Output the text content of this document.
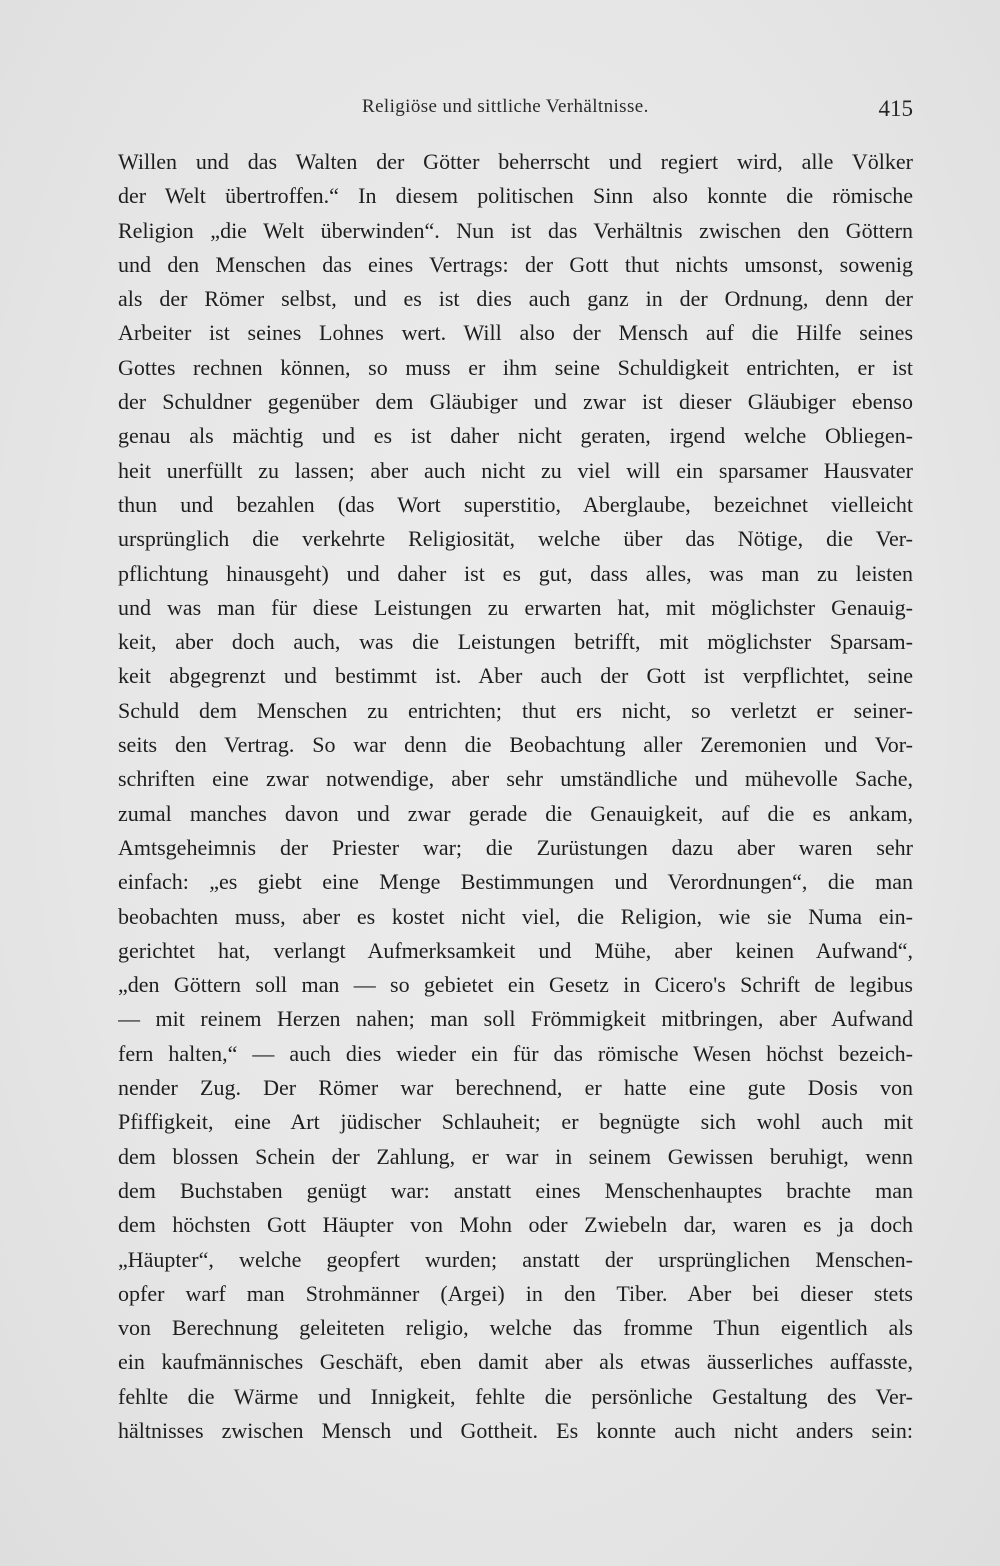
Religiöse und sittliche Verhältnisse.	415
Willen und das Walten der Götter beherrscht und regiert wird, alle Völker
der Welt übertroffen.“ In diesem politischen Sinn also konnte die römische
Religion „die Welt überwinden“. Nun ist das Verhältnis zwischen den Göttern
und den Menschen das eines Vertrags: der Gott thut nichts umsonst, sowenig
als der Römer selbst, und es ist dies auch ganz in der Ordnung, denn der
Arbeiter ist seines Lohnes wert. Will also der Mensch auf die Hilfe seines
Gottes rechnen können, so muss er ihm seine Schuldigkeit entrichten, er ist
der Schuldner gegenüber dem Gläubiger und zwar ist dieser Gläubiger ebenso
genau als mächtig und es ist daher nicht geraten, irgend welche Obliegen-
heit unerfüllt zu lassen; aber auch nicht zu viel will ein sparsamer Hausvater
thun und bezahlen (das Wort superstitio, Aberglaube, bezeichnet vielleicht
ursprünglich die verkehrte Religiosität, welche über das Nötige, die Ver-
pflichtung hinausgeht) und daher ist es gut, dass alles, was man zu leisten
und was man für diese Leistungen zu erwarten hat, mit möglichster Genauig-
keit, aber doch auch, was die Leistungen betrifft, mit möglichster Sparsam-
keit abgegrenzt und bestimmt ist. Aber auch der Gott ist verpflichtet, seine
Schuld dem Menschen zu entrichten; thut ers nicht, so verletzt er seiner-
seits den Vertrag. So war denn die Beobachtung aller Zeremonien und Vor-
schriften eine zwar notwendige, aber sehr umständliche und mühevolle Sache,
zumal manches davon und zwar gerade die Genauigkeit, auf die es ankam,
Amtsgeheimnis der Priester war; die Zurüstungen dazu aber waren sehr
einfach: „es giebt eine Menge Bestimmungen und Verordnungen“, die man
beobachten muss, aber es kostet nicht viel, die Religion, wie sie Numa ein-
gerichtet hat, verlangt Aufmerksamkeit und Mühe, aber keinen Aufwand“,
„den Göttern soll man — so gebietet ein Gesetz in Cicero's Schrift de legibus
— mit reinem Herzen nahen; man soll Frömmigkeit mitbringen, aber Aufwand
fern halten,“ — auch dies wieder ein für das römische Wesen höchst bezeich-
nender Zug. Der Römer war berechnend, er hatte eine gute Dosis von
Pfiffigkeit, eine Art jüdischer Schlauheit; er begnügte sich wohl auch mit
dem blossen Schein der Zahlung, er war in seinem Gewissen beruhigt, wenn
dem Buchstaben genügt war: anstatt eines Menschenhauptes brachte man
dem höchsten Gott Häupter von Mohn oder Zwiebeln dar, waren es ja doch
„Häupter“, welche geopfert wurden; anstatt der ursprünglichen Menschen-
opfer warf man Strohmänner (Argei) in den Tiber. Aber bei dieser stets
von Berechnung geleiteten religio, welche das fromme Thun eigentlich als
ein kaufmännisches Geschäft, eben damit aber als etwas äusserliches auffasste,
fehlte die Wärme und Innigkeit, fehlte die persönliche Gestaltung des Ver-
hältnisses zwischen Mensch und Gottheit. Es konnte auch nicht anders sein:
